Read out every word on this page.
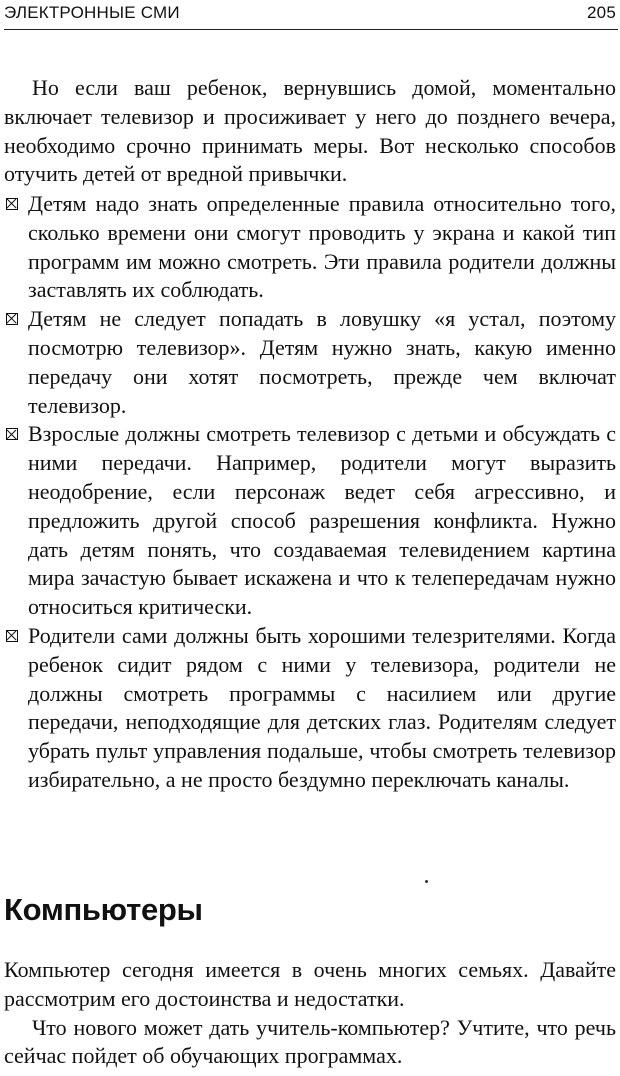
ЭЛЕКТРОННЫЕ СМИ	205

Но если ваш ребенок, вернувшись домой, моментально включает телевизор и просиживает у него до позднего вечера, необходимо срочно принимать меры. Вот несколько способов отучить детей от вредной привычки.

Детям надо знать определенные правила относительно того, сколько времени они смогут проводить у экрана и какой тип программ им можно смотреть. Эти правила родители должны заставлять их соблюдать.
Детям не следует попадать в ловушку «я устал, поэтому посмотрю телевизор». Детям нужно знать, какую именно передачу они хотят посмотреть, прежде чем включат телевизор.
Взрослые должны смотреть телевизор с детьми и обсуждать с ними передачи. Например, родители могут выразить неодобрение, если персонаж ведет себя агрессивно, и предложить другой способ разрешения конфликта. Нужно дать детям понять, что создаваемая телевидением картина мира зачастую бывает искажена и что к телепередачам нужно относиться критически.
Родители сами должны быть хорошими телезрителями. Когда ребенок сидит рядом с ними у телевизора, родители не должны смотреть программы с насилием или другие передачи, неподходящие для детских глаз. Родителям следует убрать пульт управления подальше, чтобы смотреть телевизор избирательно, а не просто бездумно переключать каналы.
Компьютеры

Компьютер сегодня имеется в очень многих семьях. Давайте рассмотрим его достоинства и недостатки.

Что нового может дать учитель-компьютер? Учтите, что речь сейчас пойдет об обучающих программах.
